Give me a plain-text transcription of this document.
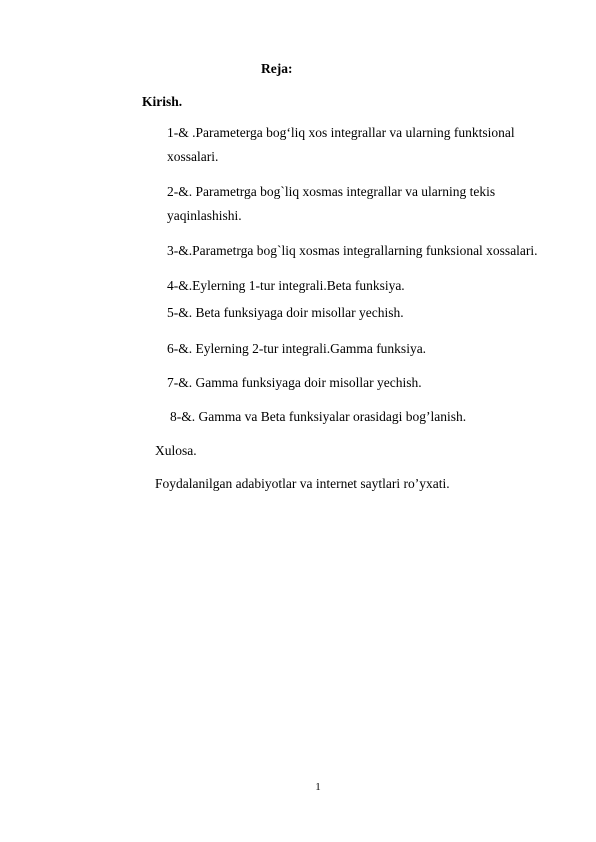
Reja:
Kirish.
1-& .Parameterga bog‘liq xos integrallar va ularning funktsional
xossalari.
2-&. Parametrga bog`liq xosmas integrallar va ularning tekis
yaqinlashishi.
3-&.Parametrga bog`liq xosmas integrallarning funksional xossalari.
4-&.Eylerning 1-tur integrali.Beta funksiya.
5-&. Beta funksiyaga doir misollar yechish.
6-&. Eylerning 2-tur integrali.Gamma funksiya.
7-&. Gamma funksiyaga doir misollar yechish.
8-&. Gamma va Beta funksiyalar orasidagi bog’lanish.
Xulosa.
Foydalanilgan adabiyotlar va internet saytlari ro’yxati.
1
